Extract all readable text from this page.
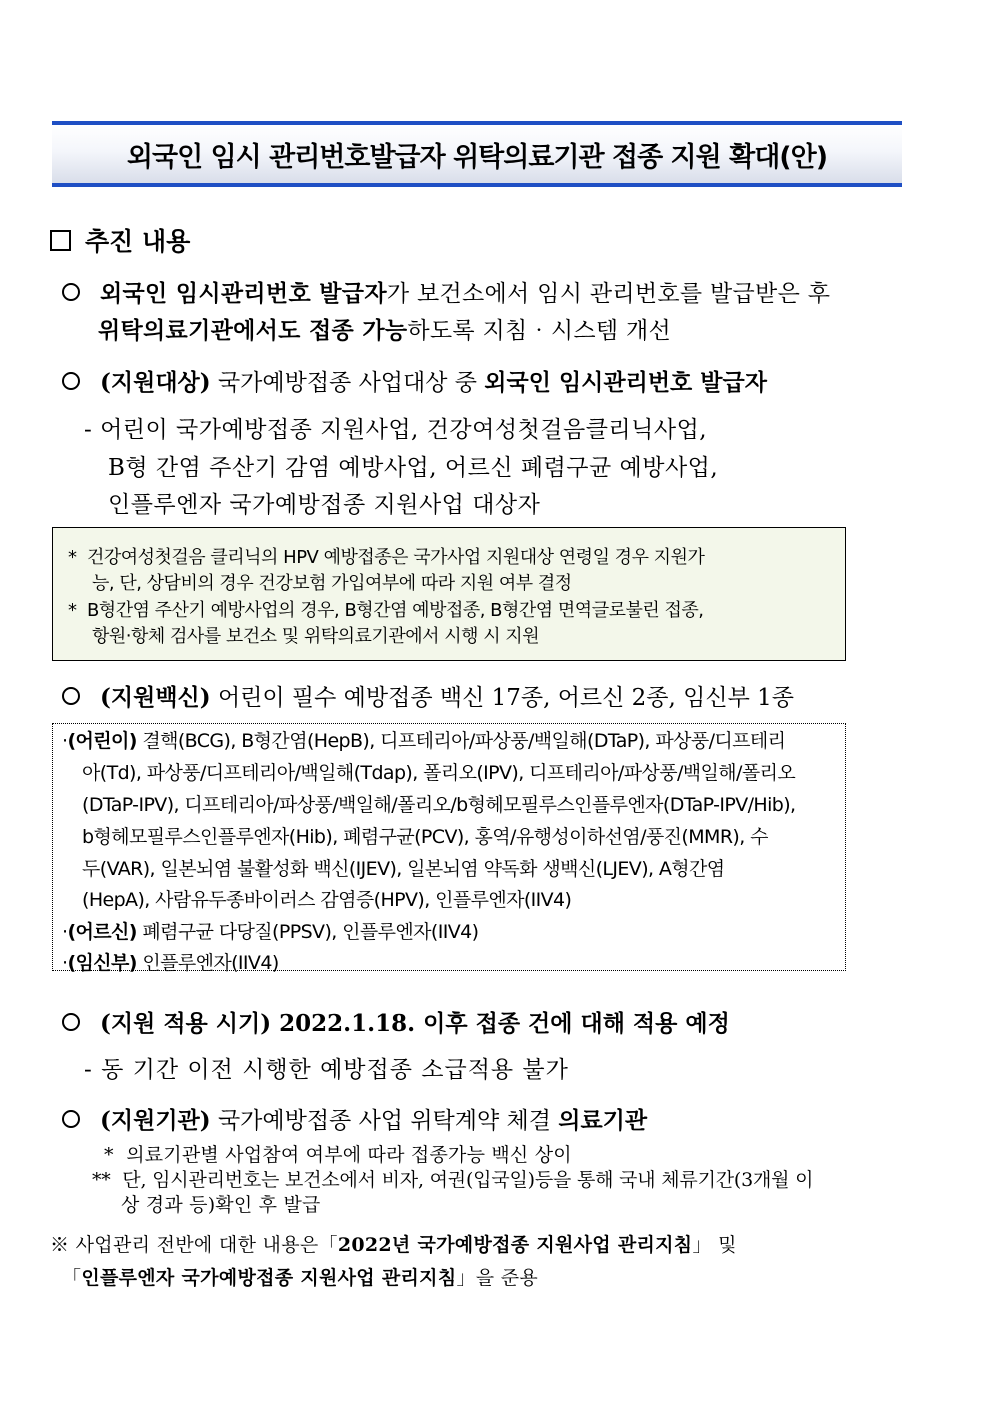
외국인 임시 관리번호발급자 위탁의료기관 접종 지원 확대(안)
추진 내용
외국인 임시관리번호 발급자가 보건소에서 임시 관리번호를 발급받은 후
위탁의료기관에서도 접종 가능하도록 지침‧시스템 개선
(지원대상) 국가예방접종 사업대상 중 외국인 임시관리번호 발급자
- 어린이 국가예방접종 지원사업, 건강여성첫걸음클리닉사업,
B형 간염 주산기 감염 예방사업, 어르신 폐렴구균 예방사업,
인플루엔자 국가예방접종 지원사업 대상자
* 건강여성첫걸음 클리닉의 HPV 예방접종은 국가사업 지원대상 연령일 경우 지원가
능, 단, 상담비의 경우 건강보험 가입여부에 따라 지원 여부 결정
* B형간염 주산기 예방사업의 경우, B형간염 예방접종, B형간염 면역글로불린 접종,
항원‧항체 검사를 보건소 및 위탁의료기관에서 시행 시 지원
(지원백신) 어린이 필수 예방접종 백신 17종, 어르신 2종, 임신부 1종
‧(어린이) 결핵(BCG), B형간염(HepB), 디프테리아/파상풍/백일해(DTaP), 파상풍/디프테리
아(Td), 파상풍/디프테리아/백일해(Tdap), 폴리오(IPV), 디프테리아/파상풍/백일해/폴리오
(DTaP-IPV), 디프테리아/파상풍/백일해/폴리오/b형헤모필루스인플루엔자(DTaP-IPV/Hib),
b형헤모필루스인플루엔자(Hib), 폐렴구균(PCV), 홍역/유행성이하선염/풍진(MMR), 수
두(VAR), 일본뇌염 불활성화 백신(IJEV), 일본뇌염 약독화 생백신(LJEV), A형간염
(HepA), 사람유두종바이러스 감염증(HPV), 인플루엔자(IIV4)
‧(어르신) 폐렴구균 다당질(PPSV), 인플루엔자(IIV4)
‧(임신부) 인플루엔자(IIV4)
(지원 적용 시기) 2022.1.18. 이후 접종 건에 대해 적용 예정
- 동 기간 이전 시행한 예방접종 소급적용 불가
(지원기관) 국가예방접종 사업 위탁계약 체결 의료기관
* 의료기관별 사업참여 여부에 따라 접종가능 백신 상이
** 단, 임시관리번호는 보건소에서 비자, 여권(입국일)등을 통해 국내 체류기간(3개월 이
상 경과 등)확인 후 발급
※ 사업관리 전반에 대한 내용은「2022년 국가예방접종 지원사업 관리지침」 및
「인플루엔자 국가예방접종 지원사업 관리지침」을 준용
